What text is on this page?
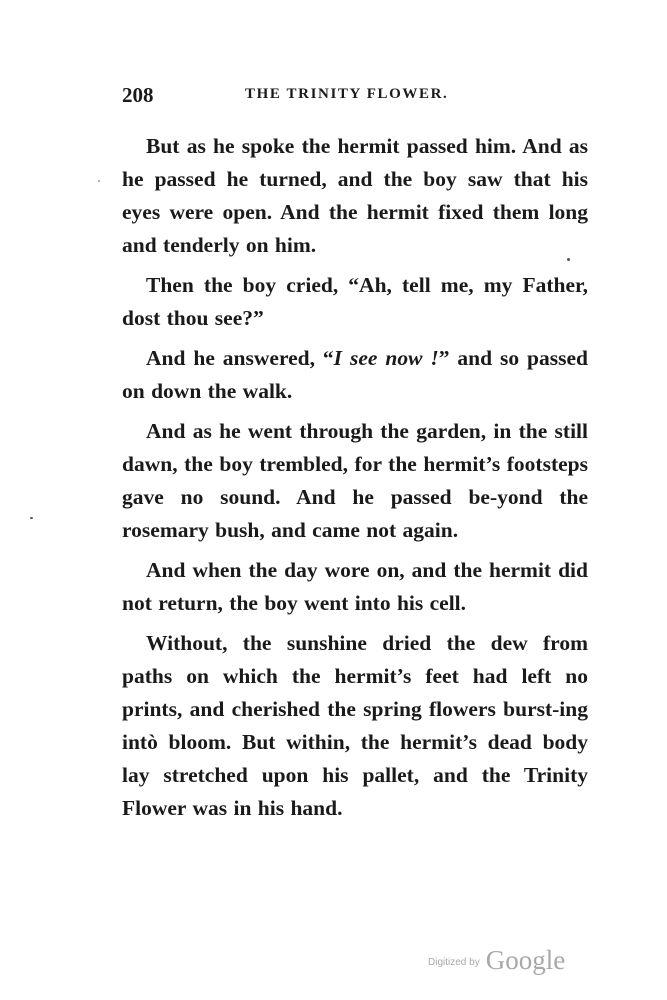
208	THE TRINITY FLOWER.

But as he spoke the hermit passed him. And as he passed he turned, and the boy saw that his eyes were open. And the hermit fixed them long and tenderly on him.

Then the boy cried, “Ah, tell me, my Father, dost thou see?”

And he answered, “I see now !” and so passed on down the walk.

And as he went through the garden, in the still dawn, the boy trembled, for the hermit’s footsteps gave no sound. And he passed be-yond the rosemary bush, and came not again.

And when the day wore on, and the hermit did not return, the boy went into his cell.

Without, the sunshine dried the dew from paths on which the hermit’s feet had left no prints, and cherished the spring flowers burst-ing intò bloom. But within, the hermit’s dead body lay stretched upon his pallet, and the Trinity Flower was in his hand.

$^{Digitized by}$ Google
